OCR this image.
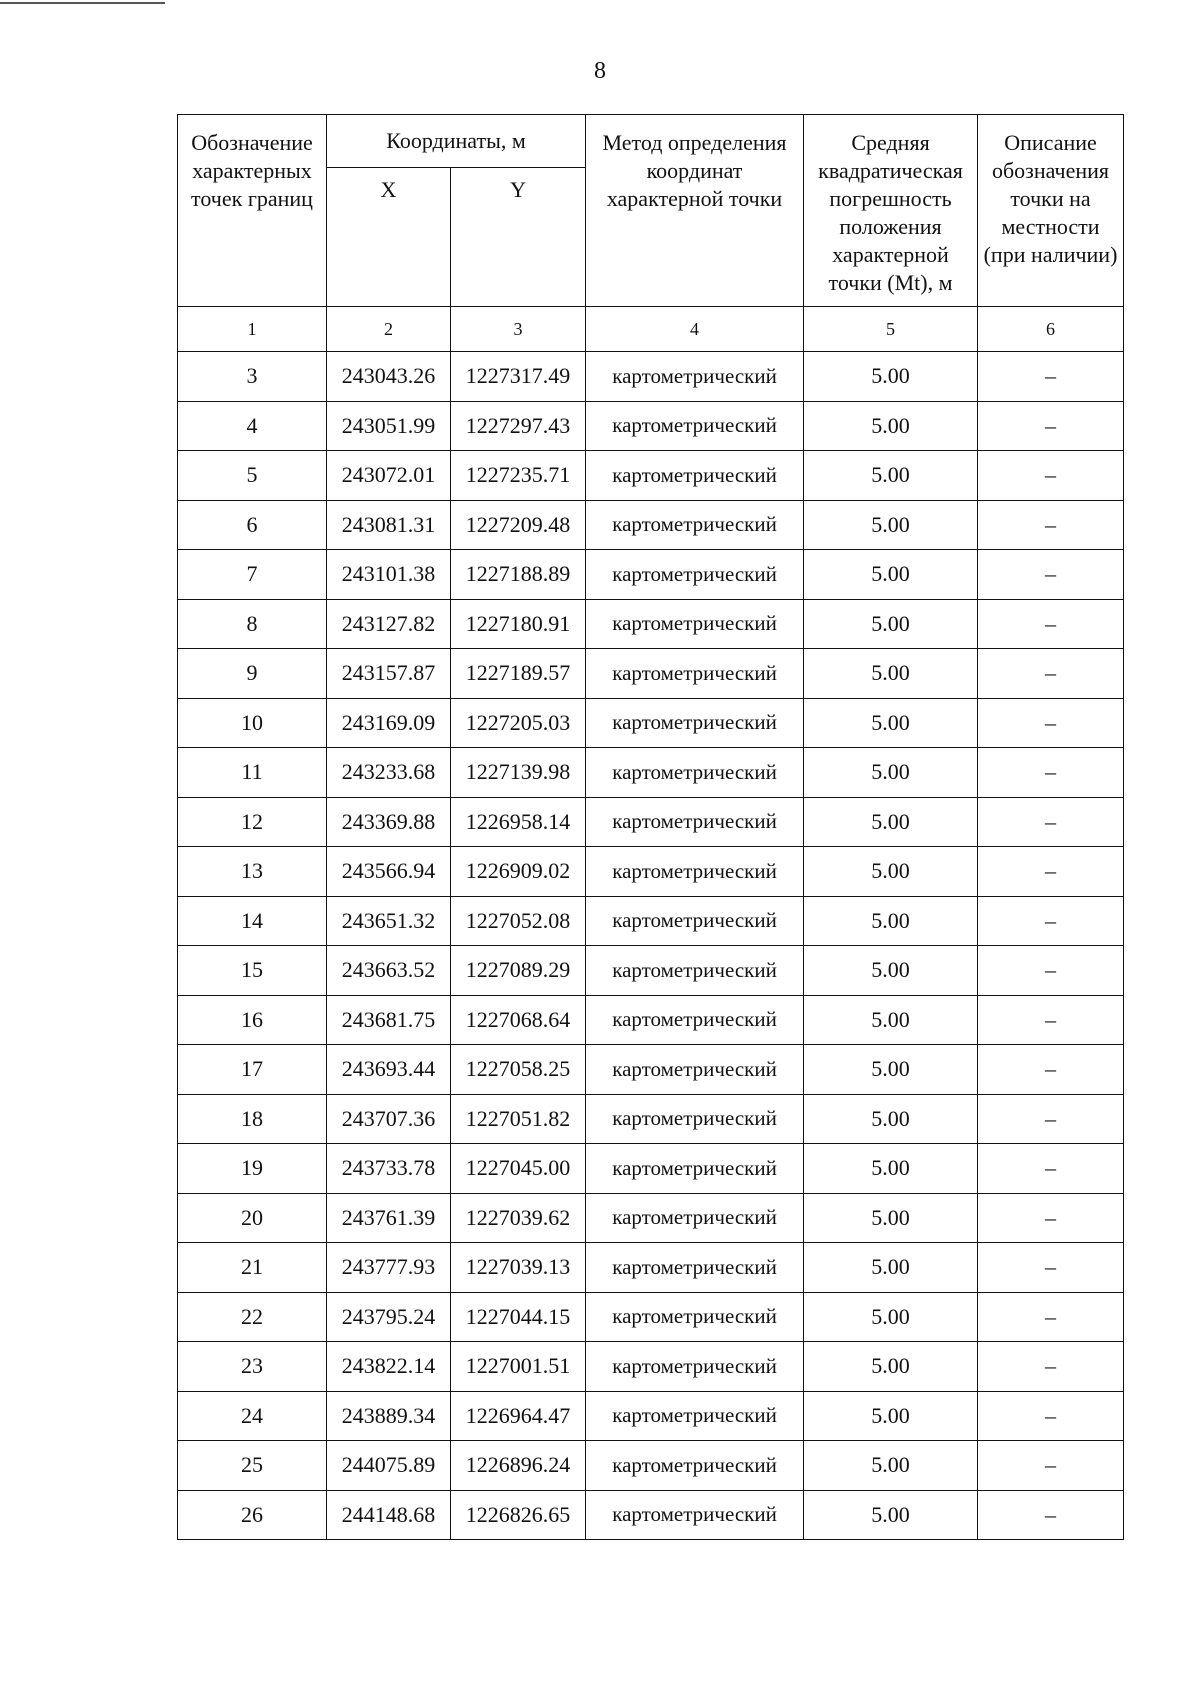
8
Обозначение характерных точек границ	Координаты, м		Метод определения координат характерной точки	Средняя квадратическая погрешность положения характерной точки (Mt), м	Описание обозначения точки на местности (при наличии)
	X	Y			
1	2	3	4	5	6
3	243043.26	1227317.49	картометрический	5.00	–
4	243051.99	1227297.43	картометрический	5.00	–
5	243072.01	1227235.71	картометрический	5.00	–
6	243081.31	1227209.48	картометрический	5.00	–
7	243101.38	1227188.89	картометрический	5.00	–
8	243127.82	1227180.91	картометрический	5.00	–
9	243157.87	1227189.57	картометрический	5.00	–
10	243169.09	1227205.03	картометрический	5.00	–
11	243233.68	1227139.98	картометрический	5.00	–
12	243369.88	1226958.14	картометрический	5.00	–
13	243566.94	1226909.02	картометрический	5.00	–
14	243651.32	1227052.08	картометрический	5.00	–
15	243663.52	1227089.29	картометрический	5.00	–
16	243681.75	1227068.64	картометрический	5.00	–
17	243693.44	1227058.25	картометрический	5.00	–
18	243707.36	1227051.82	картометрический	5.00	–
19	243733.78	1227045.00	картометрический	5.00	–
20	243761.39	1227039.62	картометрический	5.00	–
21	243777.93	1227039.13	картометрический	5.00	–
22	243795.24	1227044.15	картометрический	5.00	–
23	243822.14	1227001.51	картометрический	5.00	–
24	243889.34	1226964.47	картометрический	5.00	–
25	244075.89	1226896.24	картометрический	5.00	–
26	244148.68	1226826.65	картометрический	5.00	–
